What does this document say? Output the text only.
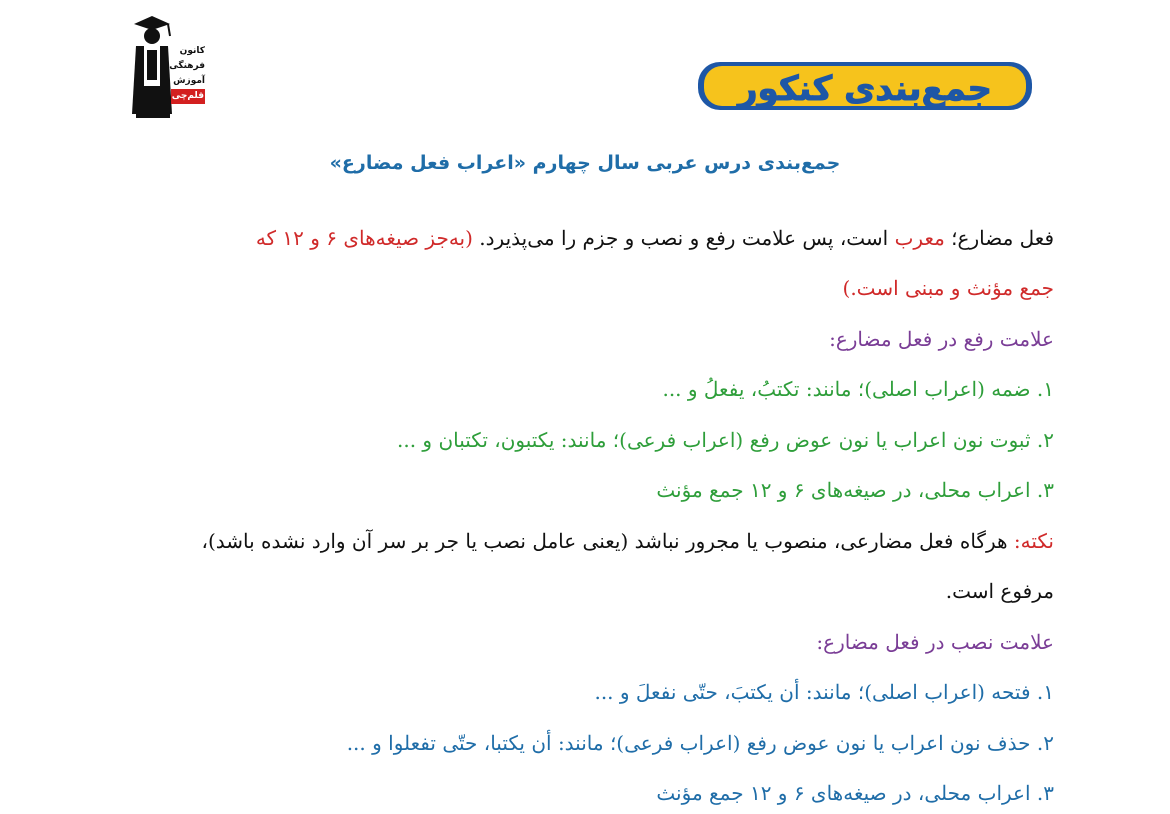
کانون
فرهنگی
آموزش
قلم‌چی	جمع‌بندی کنکور
جمع‌بندی درس عربی سال چهارم «اعراب فعل مضارع»
فعل مضارع؛ معرب است، پس علامت رفع و نصب و جزم را می‌پذیرد. (به‌جز صیغه‌های ۶ و ۱۲ که
جمع مؤنث و مبنی است.)
علامت رفع در فعل مضارع:
۱. ضمه (اعراب اصلی)؛ مانند: تکتبُ، یفعلُ و ...
۲. ثبوت نون اعراب یا نون عوض رفع (اعراب فرعی)؛ مانند: یکتبون، تکتبان و ...
۳. اعراب محلی، در صیغه‌های ۶ و ۱۲ جمع مؤنث
نکته: هرگاه فعل مضارعی، منصوب یا مجرور نباشد (یعنی عامل نصب یا جر بر سر آن وارد نشده باشد)،
مرفوع است.
علامت نصب در فعل مضارع:
۱. فتحه (اعراب اصلی)؛ مانند: أن یکتبَ، حتّی نفعلَ و ...
۲. حذف نون اعراب یا نون عوض رفع (اعراب فرعی)؛ مانند: أن یکتبا، حتّی تفعلوا و ...
۳. اعراب محلی، در صیغه‌های ۶ و ۱۲ جمع مؤنث
